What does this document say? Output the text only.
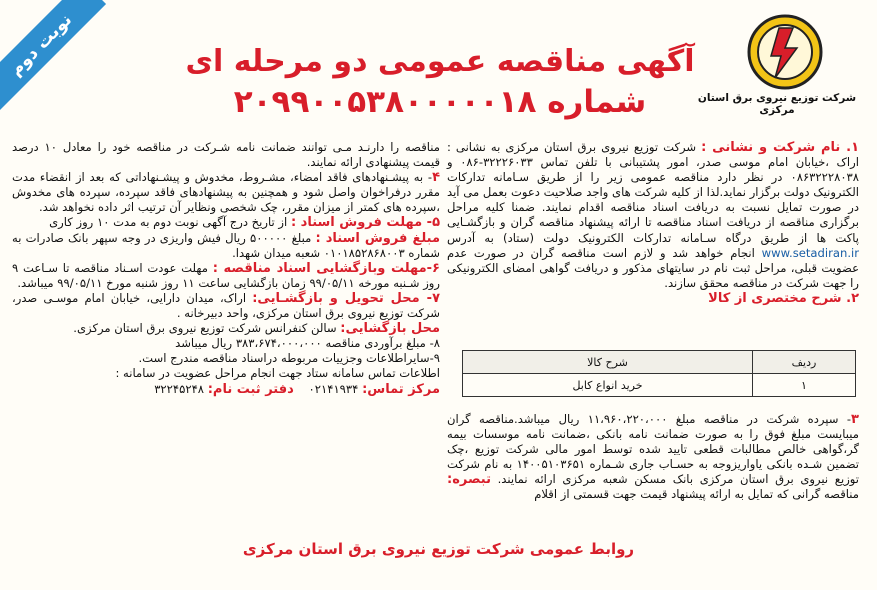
نوبت دوم
شرکت توزیع نیروی برق استان مرکزی
آگهی مناقصه عمومی دو مرحله ای
شماره ۲۰۹۹۰۰۵۳۸۰۰۰۰۰۱۸

۱. نام شرکت و نشانی : شرکت توزیع نیروی برق استان مرکزی به نشانی : اراک ،خیابان امام موسی صدر، امور پشتیبانی با تلفن تماس ۳۲۲۲۶۰۳۳-۰۸۶ و ۰۸۶۳۲۲۲۸۰۳۸ در نظر دارد مناقصه عمومی زیر را از طریق سـامانه تدارکات الکترونیک دولت برگزار نماید.لذا از کلیه شرکت های واجد صلاحیت دعوت بعمل می آید در صورت تمایل نسبت به دریافت اسناد مناقصه اقدام نمایند. ضمنا کلیه مراحل برگزاری مناقصه از دریافت اسناد مناقصه تا ارائه پیشنهاد مناقصه گران و بازگشـایی پاکت ها از طریق درگاه سـامانه تدارکات الکترونیک دولت (ستاد) به آدرس www.setadiran.ir انجام خواهد شد و لازم است مناقصه گران در صورت عدم عضویت قبلی، مراحل ثبت نام در سایتهای مذکور و دریافت گواهی امضای الکترونیکی را جهت شرکت در مناقصه محقق سازند.

۲. شرح مختصری از کالا

ردیف	شرح کالا
۱	خرید انواع کابل

۳- سپرده شرکت در مناقصه مبلغ ۱۱،۹۶۰،۲۲۰،۰۰۰ ریال میباشد.مناقصه گران میبایست مبلغ فوق را به صورت ضمانت نامه بانکی ،ضمانت نامه موسسات بیمه گر،گواهی خالص مطالبات قطعی تایید شده توسط امور مالی شرکت توزیع ،چک تضمین شـده بانکی یاواریزوجه به حسـاب جاری شـماره ۱۴۰۰۵۱۰۳۶۵۱ به نام شرکت توزیع نیروی برق استان مرکزی بانک مسکن شعبه مرکزی ارائه نمایند. تبصره: مناقصه گرانی که تمایل به ارائه پیشنهاد قیمت جهت قسمتی از اقلام

مناقصه را دارنـد مـی توانند ضمانت نامه شـرکت در مناقصه خود را معادل ۱۰ درصد قیمت پیشنهادی ارائه نمایند.

۴- به پیشـنهادهای فاقد امضاء، مشـروط، مخدوش و پیشـنهاداتی که بعد از انقضاء مدت مقرر درفراخوان واصل شود و همچنین به پیشنهادهای فاقد سپرده، سپرده های مخدوش ،سپرده های کمتر از میزان مقرر، چک شخصی ونظایر آن ترتیب اثر داده نخواهد شد.

۵- مهلت فروش اسناد : از تاریخ درج آگهی نوبت دوم به مدت ۱۰ روز کاری

مبلغ فروش اسناد : مبلغ ۵۰۰۰۰۰ ریال فیش واریزی در وجه سپهر بانک صادرات به شماره ۰۱۰۱۸۵۲۸۶۸۰۰۳ شعبه میدان شهدا.

۶-مهلت وبازگشایی اسناد مناقصه : مهلت عودت اسـناد مناقصه تا سـاعت ۹ روز شـنبه مورخه ۹۹/۰۵/۱۱ زمان بازگشایی ساعت ۱۱ روز شنبه مورخ ۹۹/۰۵/۱۱ میباشد.

۷- محل تحویل و بازگشـایی: اراک، میدان دارایی، خیابان امام موسـی صدر، شرکت توزیع نیروی برق استان مرکزی، واحد دبیرخانه .

محل بازگشایی: سالن کنفرانس شرکت توزیع نیروی برق استان مرکزی.

۸- مبلغ برآوردی مناقصه ۳۸۳،۶۷۴،۰۰۰،۰۰۰ ریال میباشد

۹-سایراطلاعات وجزییات مربوطه دراسناد مناقصه مندرج است.

اطلاعات تماس سامانه ستاد جهت انجام مراحل عضویت در سامانه :

مرکز تماس: ۰۲۱۴۱۹۳۴    دفتر ثبت نام: ۳۲۲۴۵۲۴۸

روابط عمومی شرکت توزیع نیروی برق استان مرکزی
